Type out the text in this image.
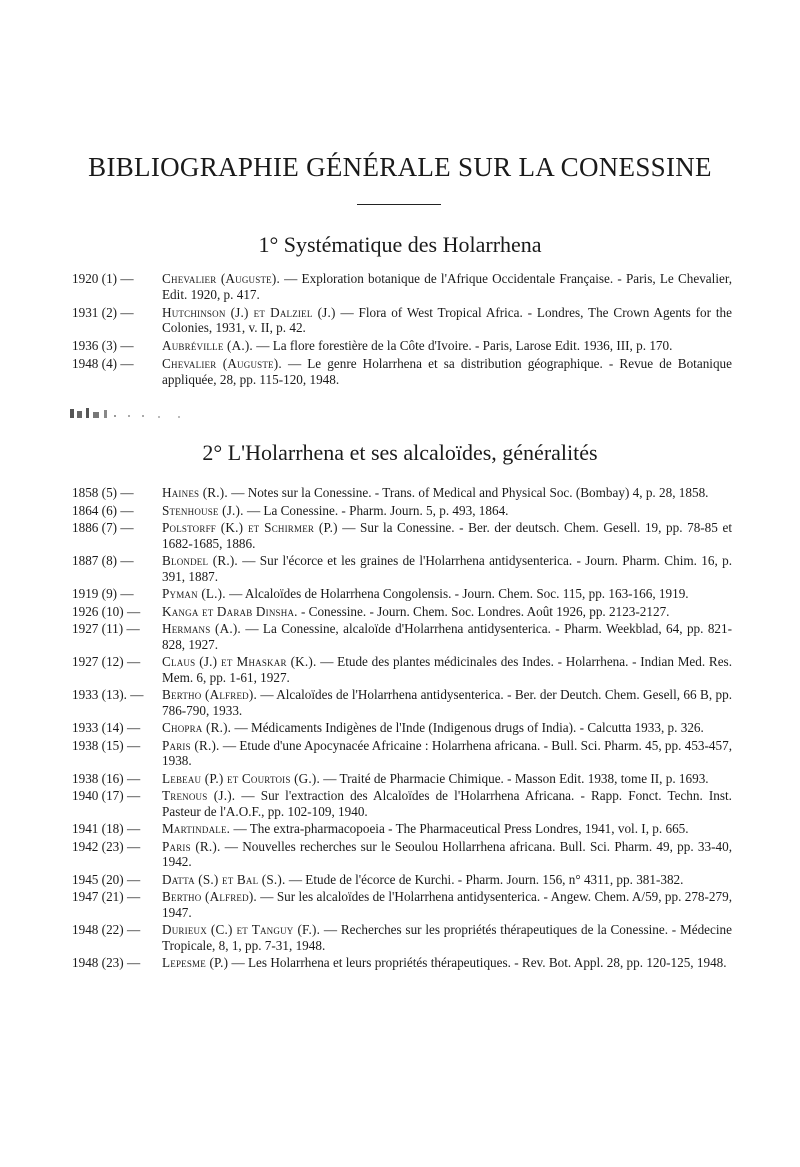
BIBLIOGRAPHIE GÉNÉRALE SUR LA CONESSINE
1° Systématique des Holarrhena
1920 (1) — Chevalier (Auguste). — Exploration botanique de l'Afrique Occidentale Française. - Paris, Le Chevalier, Edit. 1920, p. 417.
1931 (2) — Hutchinson (J.) et Dalziel (J.) — Flora of West Tropical Africa. - Londres, The Crown Agents for the Colonies, 1931, v. II, p. 42.
1936 (3) — Aubréville (A.). — La flore forestière de la Côte d'Ivoire. - Paris, Larose Edit. 1936, III, p. 170.
1948 (4) — Chevalier (Auguste). — Le genre Holarrhena et sa distribution géographique. - Revue de Botanique appliquée, 28, pp. 115-120, 1948.
2° L'Holarrhena et ses alcaloïdes, généralités
1858 (5) — Haines (R.). — Notes sur la Conessine. - Trans. of Medical and Physical Soc. (Bombay) 4, p. 28, 1858.
1864 (6) — Stenhouse (J.). — La Conessine. - Pharm. Journ. 5, p. 493, 1864.
1886 (7) — Polstorff (K.) et Schirmer (P.) — Sur la Conessine. - Ber. der deutsch. Chem. Gesell. 19, pp. 78-85 et 1682-1685, 1886.
1887 (8) — Blondel (R.). — Sur l'écorce et les graines de l'Holarrhena antidysenterica. - Journ. Pharm. Chim. 16, p. 391, 1887.
1919 (9) — Pyman (L.). — Alcaloïdes de Holarrhena Congolensis. - Journ. Chem. Soc. 115, pp. 163-166, 1919.
1926 (10) — Kanga et Darab Dinsha. - Conessine. - Journ. Chem. Soc. Londres. Août 1926, pp. 2123-2127.
1927 (11) — Hermans (A.). — La Conessine, alcaloïde d'Holarrhena antidysenterica. - Pharm. Weekblad, 64, pp. 821-828, 1927.
1927 (12) — Claus (J.) et Mhaskar (K.). — Etude des plantes médicinales des Indes. - Holarrhena. - Indian Med. Res. Mem. 6, pp. 1-61, 1927.
1933 (13). — Bertho (Alfred). — Alcaloïdes de l'Holarrhena antidysenterica. - Ber. der Deutch. Chem. Gesell, 66 B, pp. 786-790, 1933.
1933 (14) — Chopra (R.). — Médicaments Indigènes de l'Inde (Indigenous drugs of India). - Calcutta 1933, p. 326.
1938 (15) — Paris (R.). — Etude d'une Apocynacée Africaine : Holarrhena africana. - Bull. Sci. Pharm. 45, pp. 453-457, 1938.
1938 (16) — Lebeau (P.) et Courtois (G.). — Traité de Pharmacie Chimique. - Masson Edit. 1938, tome II, p. 1693.
1940 (17) — Trenous (J.). — Sur l'extraction des Alcaloïdes de l'Holarrhena Africana. - Rapp. Fonct. Techn. Inst. Pasteur de l'A.O.F., pp. 102-109, 1940.
1941 (18) — Martindale. — The extra-pharmacopoeia - The Pharmaceutical Press Londres, 1941, vol. I, p. 665.
1942 (23) — Paris (R.). — Nouvelles recherches sur le Seoulou Hollarrhena africana. Bull. Sci. Pharm. 49, pp. 33-40, 1942.
1945 (20) — Datta (S.) et Bal (S.). — Etude de l'écorce de Kurchi. - Pharm. Journ. 156, n° 4311, pp. 381-382.
1947 (21) — Bertho (Alfred). — Sur les alcaloïdes de l'Holarrhena antidysenterica. - Angew. Chem. A/59, pp. 278-279, 1947.
1948 (22) — Durieux (C.) et Tanguy (F.). — Recherches sur les propriétés thérapeutiques de la Conessine. - Médecine Tropicale, 8, 1, pp. 7-31, 1948.
1948 (23) — Lepesme (P.) — Les Holarrhena et leurs propriétés thérapeutiques. - Rev. Bot. Appl. 28, pp. 120-125, 1948.
